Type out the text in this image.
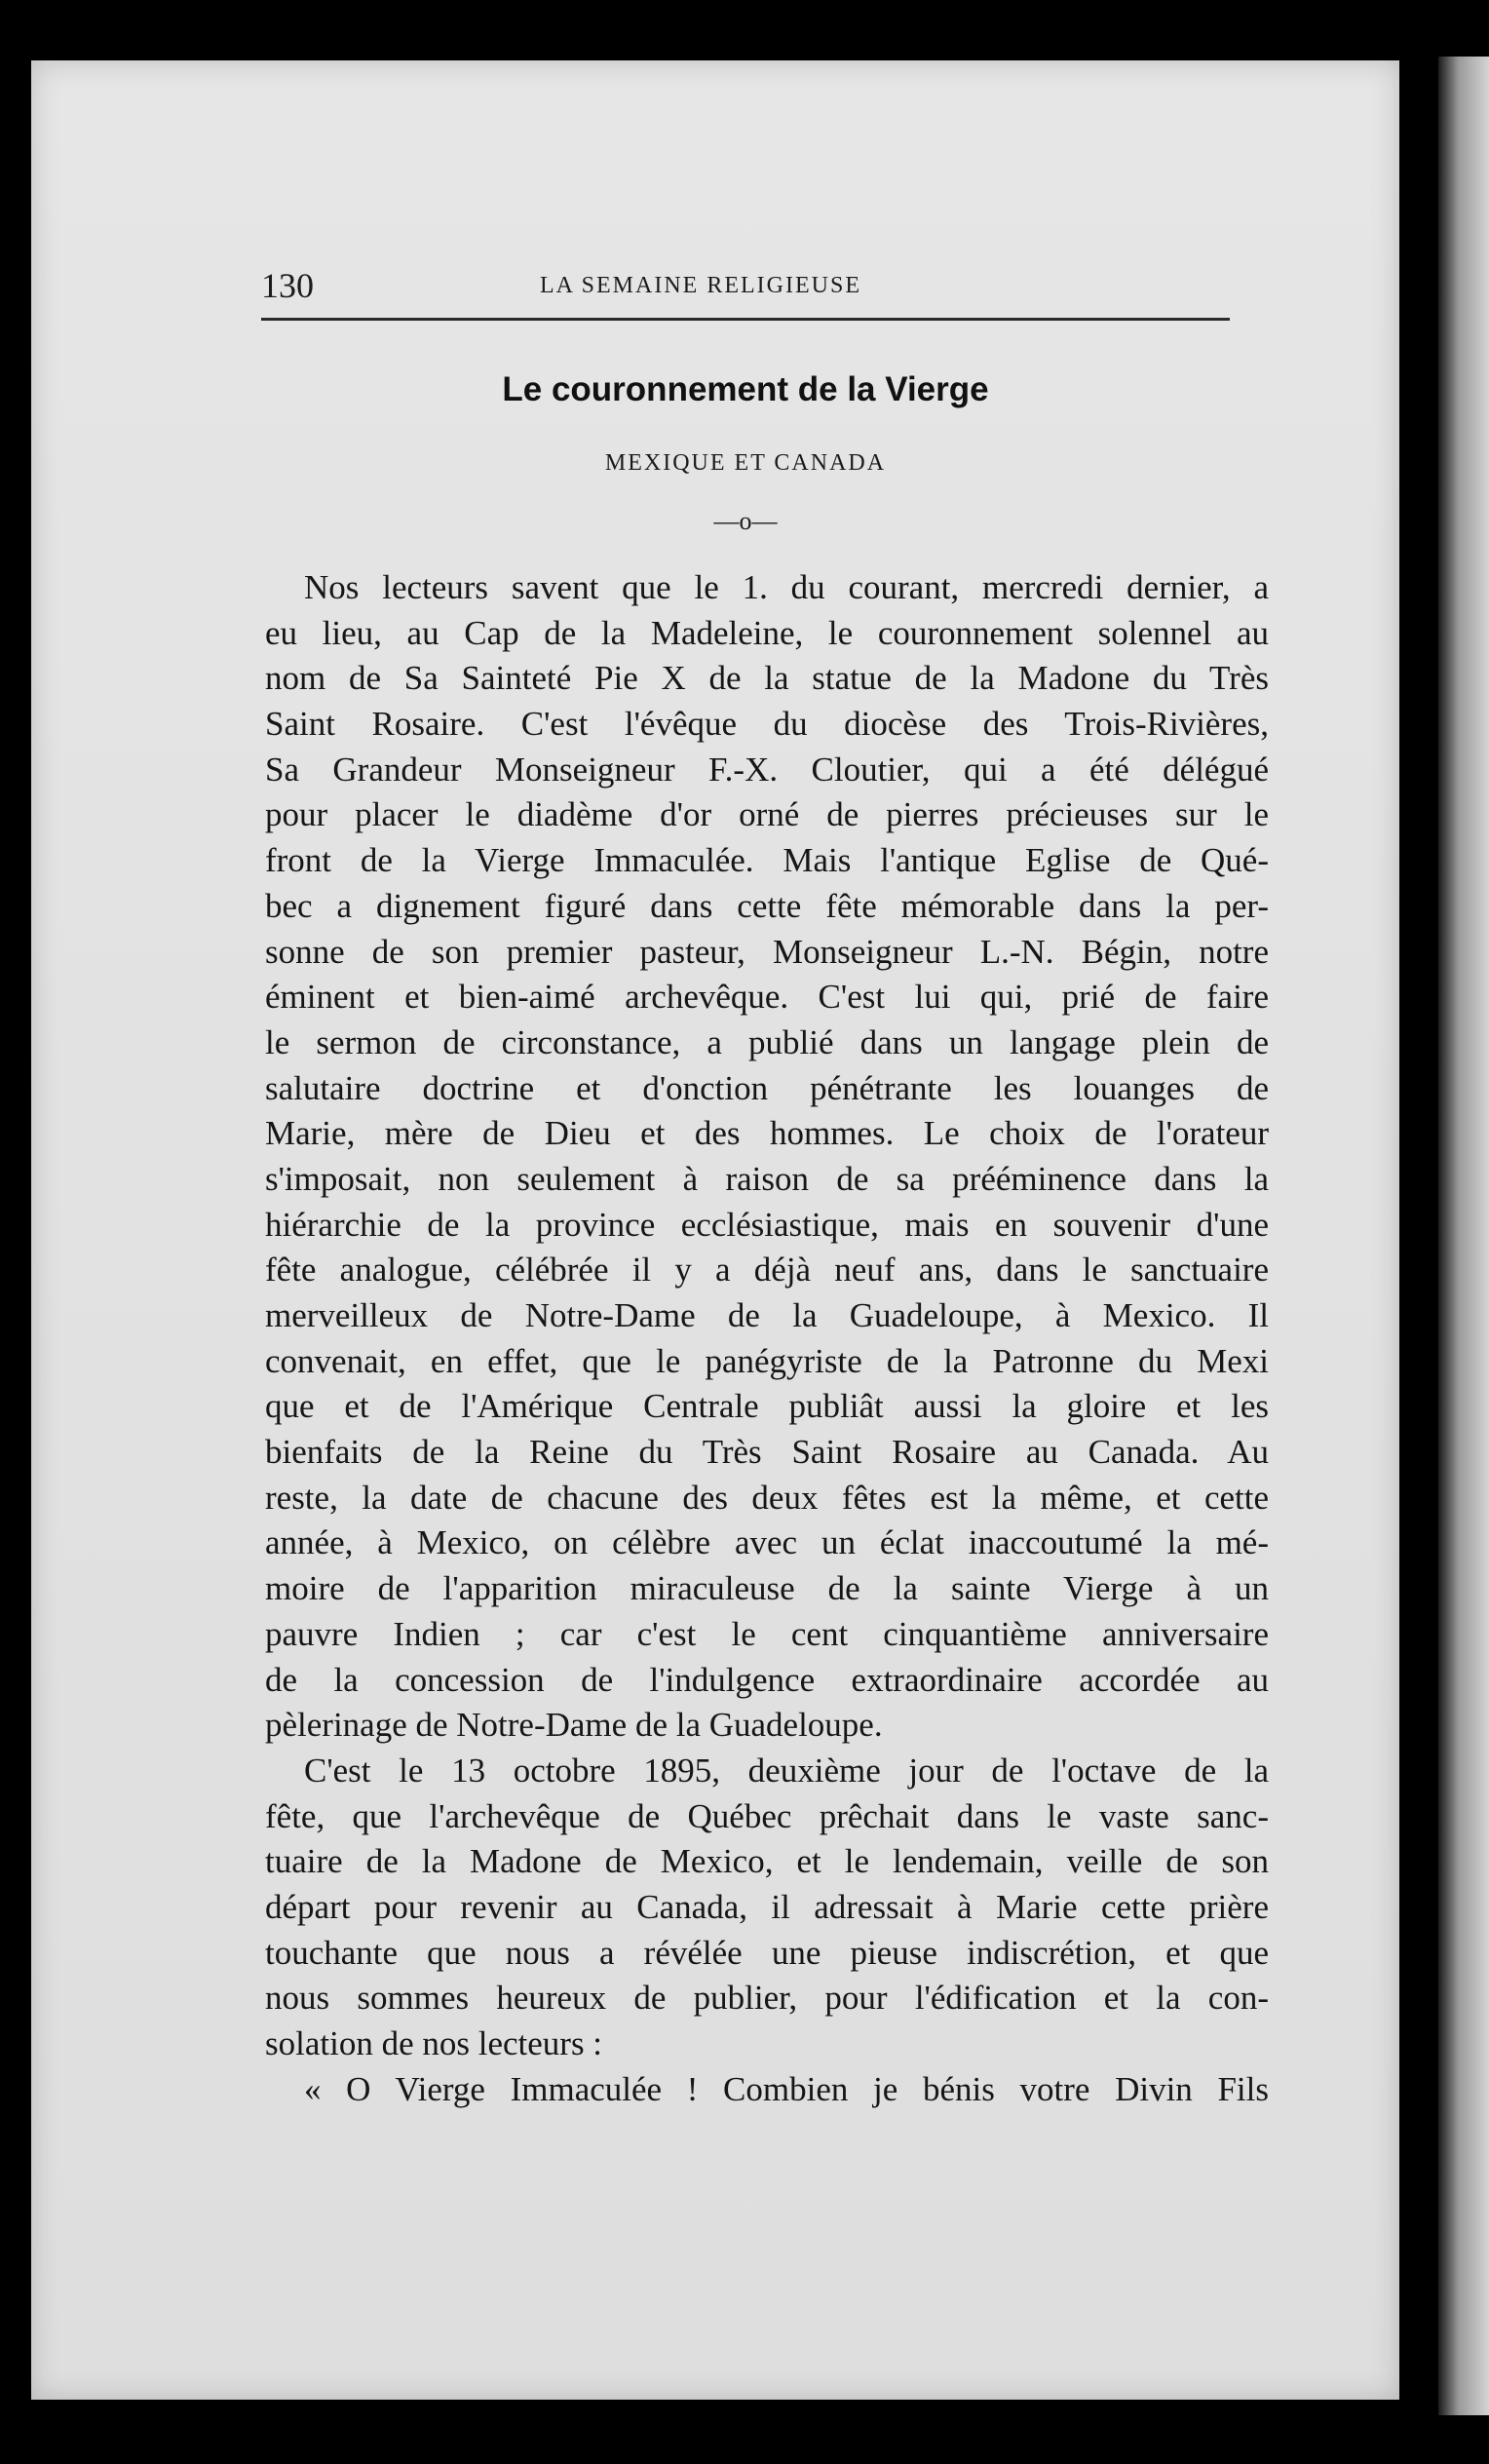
130	LA SEMAINE RELIGIEUSE
Le couronnement de la Vierge
MEXIQUE ET CANADA
—o—
Nos lecteurs savent que le 1. du courant, mercredi dernier, a
eu lieu, au Cap de la Madeleine, le couronnement solennel au
nom de Sa Sainteté Pie X de la statue de la Madone du Très
Saint Rosaire. C'est l'évêque du diocèse des Trois-Rivières,
Sa Grandeur Monseigneur F.-X. Cloutier, qui a été délégué
pour placer le diadème d'or orné de pierres précieuses sur le
front de la Vierge Immaculée. Mais l'antique Eglise de Qué-
bec a dignement figuré dans cette fête mémorable dans la per-
sonne de son premier pasteur, Monseigneur L.-N. Bégin, notre
éminent et bien-aimé archevêque. C'est lui qui, prié de faire
le sermon de circonstance, a publié dans un langage plein de
salutaire doctrine et d'onction pénétrante les louanges de
Marie, mère de Dieu et des hommes. Le choix de l'orateur
s'imposait, non seulement à raison de sa prééminence dans la
hiérarchie de la province ecclésiastique, mais en souvenir d'une
fête analogue, célébrée il y a déjà neuf ans, dans le sanctuaire
merveilleux de Notre-Dame de la Guadeloupe, à Mexico. Il
convenait, en effet, que le panégyriste de la Patronne du Mexi
que et de l'Amérique Centrale publiât aussi la gloire et les
bienfaits de la Reine du Très Saint Rosaire au Canada. Au
reste, la date de chacune des deux fêtes est la même, et cette
année, à Mexico, on célèbre avec un éclat inaccoutumé la mé-
moire de l'apparition miraculeuse de la sainte Vierge à un
pauvre Indien ; car c'est le cent cinquantième anniversaire
de la concession de l'indulgence extraordinaire accordée au
pèlerinage de Notre-Dame de la Guadeloupe.
C'est le 13 octobre 1895, deuxième jour de l'octave de la
fête, que l'archevêque de Québec prêchait dans le vaste sanc-
tuaire de la Madone de Mexico, et le lendemain, veille de son
départ pour revenir au Canada, il adressait à Marie cette prière
touchante que nous a révélée une pieuse indiscrétion, et que
nous sommes heureux de publier, pour l'édification et la con-
solation de nos lecteurs :
« O Vierge Immaculée ! Combien je bénis votre Divin Fils
